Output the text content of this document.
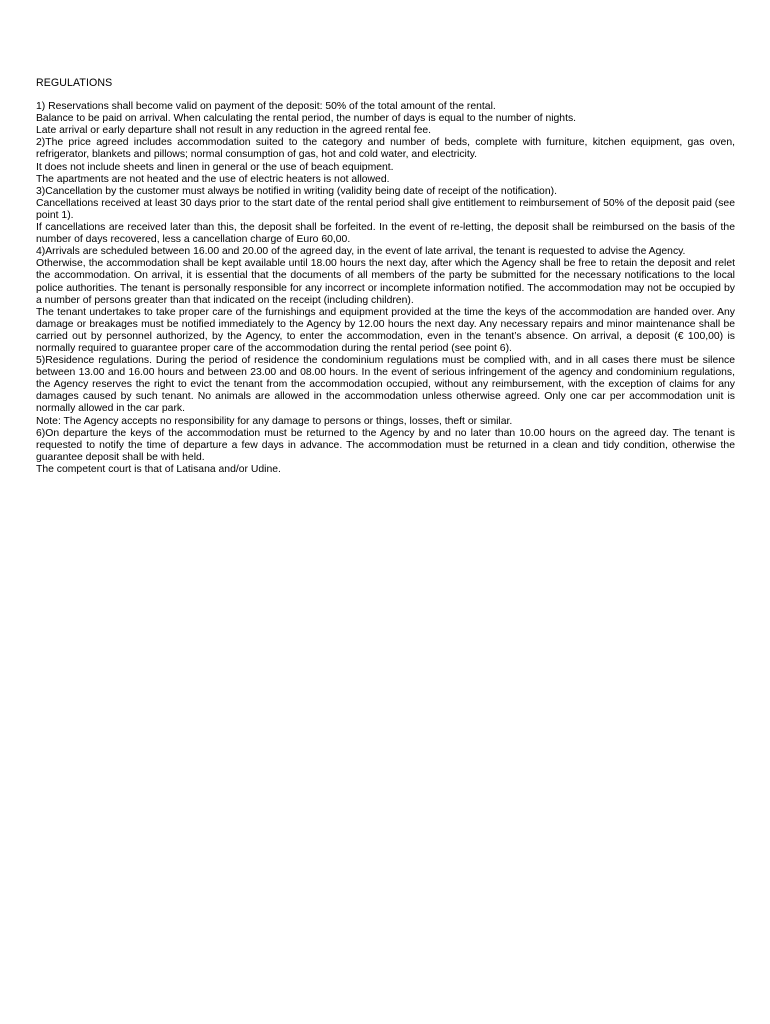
REGULATIONS

1) Reservations shall become valid on payment of the deposit: 50% of the total amount of the rental.

Balance to be paid on arrival. When calculating the rental period, the number of days is equal to the number of nights.

Late arrival or early departure shall not result in any reduction in the agreed rental fee.

2)The price agreed includes accommodation suited to the category and number of beds, complete with furniture, kitchen equipment, gas oven, refrigerator, blankets and pillows; normal consumption of gas, hot and cold water, and electricity.

It does not include sheets and linen in general or the use of beach equipment.

The apartments are not heated and the use of electric heaters is not allowed.

3)Cancellation by the customer must always be notified in writing (validity being date of receipt of the notification).

Cancellations received at least 30 days prior to the start date of the rental period shall give entitlement to reimbursement of 50% of the deposit paid (see point 1).

If cancellations are received later than this, the deposit shall be forfeited. In the event of re-letting, the deposit shall be reimbursed on the basis of the number of days recovered, less a cancellation charge of Euro 60,00.

4)Arrivals are scheduled between 16.00 and 20.00 of the agreed day, in the event of late arrival, the tenant is requested to advise the Agency.

Otherwise, the accommodation shall be kept available until 18.00 hours the next day, after which the Agency shall be free to retain the deposit and relet the accommodation. On arrival, it is essential that the documents of all members of the party be submitted for the necessary notifications to the local police authorities. The tenant is personally responsible for any incorrect or incomplete information notified. The accommodation may not be occupied by a number of persons greater than that indicated on the receipt (including children).

The tenant undertakes to take proper care of the furnishings and equipment provided at the time the keys of the accommodation are handed over. Any damage or breakages must be notified immediately to the Agency by 12.00 hours the next day. Any necessary repairs and minor maintenance shall be carried out by personnel authorized, by the Agency, to enter the accommodation, even in the tenant’s absence. On arrival, a deposit (€ 100,00) is normally required to guarantee proper care of the accommodation during the rental period (see point 6).

5)Residence regulations. During the period of residence the condominium regulations must be complied with, and in all cases there must be silence between 13.00 and 16.00 hours and between 23.00 and 08.00 hours. In the event of serious infringement of the agency and condominium regulations, the Agency reserves the right to evict the tenant from the accommodation occupied, without any reimbursement, with the exception of claims for any damages caused by such tenant. No animals are allowed in the accommodation unless otherwise agreed. Only one car per accommodation unit is normally allowed in the car park.

Note: The Agency accepts no responsibility for any damage to persons or things, losses, theft or similar.

6)On departure the keys of the accommodation must be returned to the Agency by and no later than 10.00 hours on the agreed day. The tenant is requested to notify the time of departure a few days in advance. The accommodation must be returned in a clean and tidy condition, otherwise the guarantee deposit shall be with held.

The competent court is that of Latisana and/or Udine.
